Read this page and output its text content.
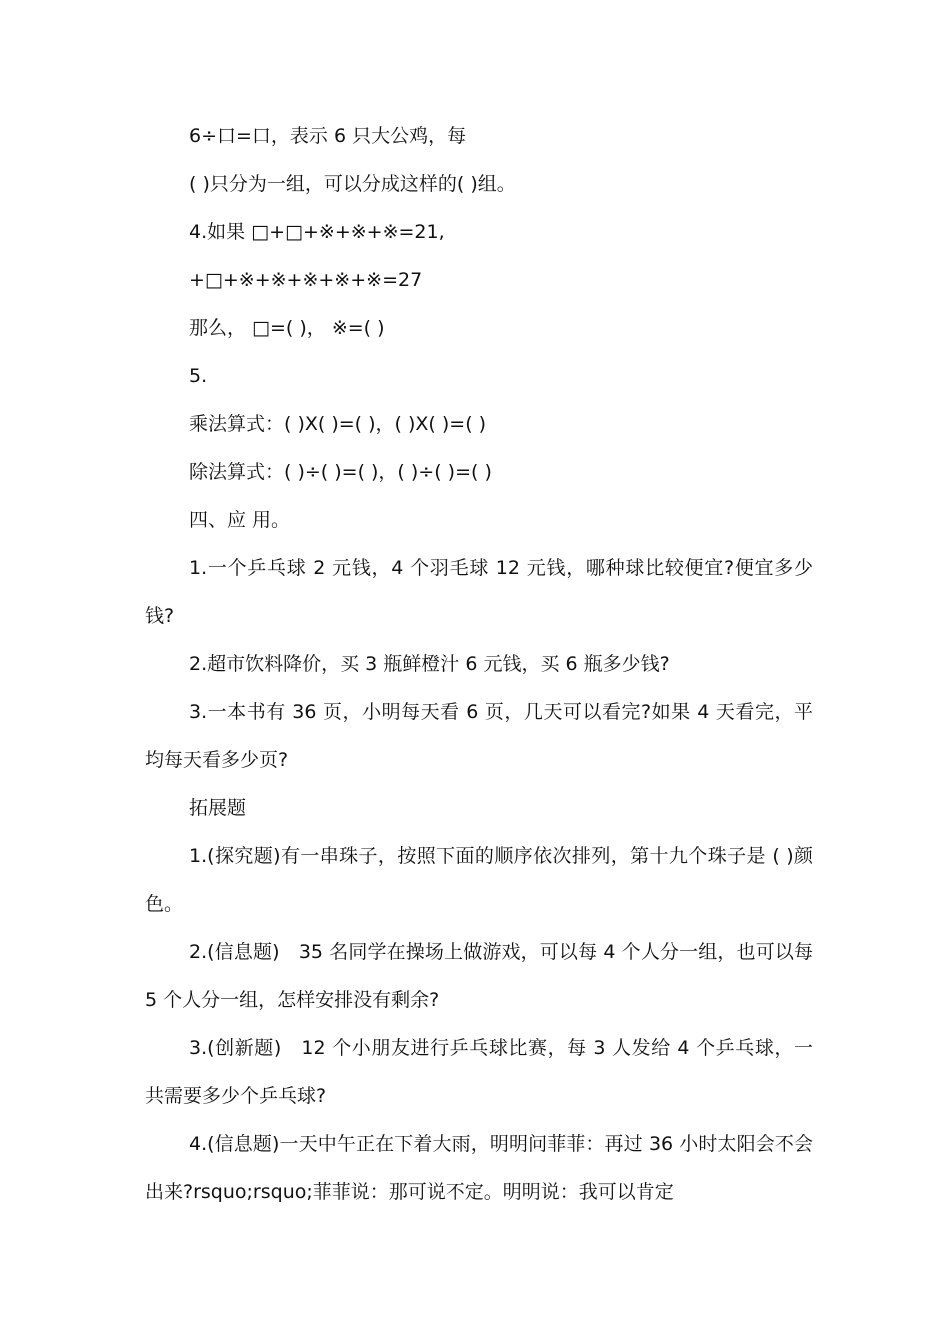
6÷口=口，表示 6 只大公鸡，每

( )只分为一组，可以分成这样的( )组。

4.如果 □+□+※+※+※=21,

+□+※+※+※+※+※=27

那么， □=( )， ※=( )

5.

乘法算式：( )X( )=( )，( )X( )=( )

除法算式：( )÷( )=( )，( )÷( )=( )

四、应 用。

1.一个乒乓球 2 元钱，4 个羽毛球 12 元钱，哪种球比较便宜?便宜多少钱?

2.超市饮料降价，买 3 瓶鲜橙汁 6 元钱，买 6 瓶多少钱?

3.一本书有 36 页，小明每天看 6 页，几天可以看完?如果 4 天看完，平均每天看多少页?

拓展题

1.(探究题)有一串珠子，按照下面的顺序依次排列，第十九个珠子是 ( )颜色。

2.(信息题)　35 名同学在操场上做游戏，可以每 4 个人分一组，也可以每 5 个人分一组，怎样安排没有剩余?

3.(创新题)　12 个小朋友进行乒乓球比赛，每 3 人发给 4 个乒乓球，一共需要多少个乒乓球?

4.(信息题)一天中午正在下着大雨，明明问菲菲：再过 36 小时太阳会不会出来?rsquo;rsquo;菲菲说：那可说不定。明明说：我可以肯定
